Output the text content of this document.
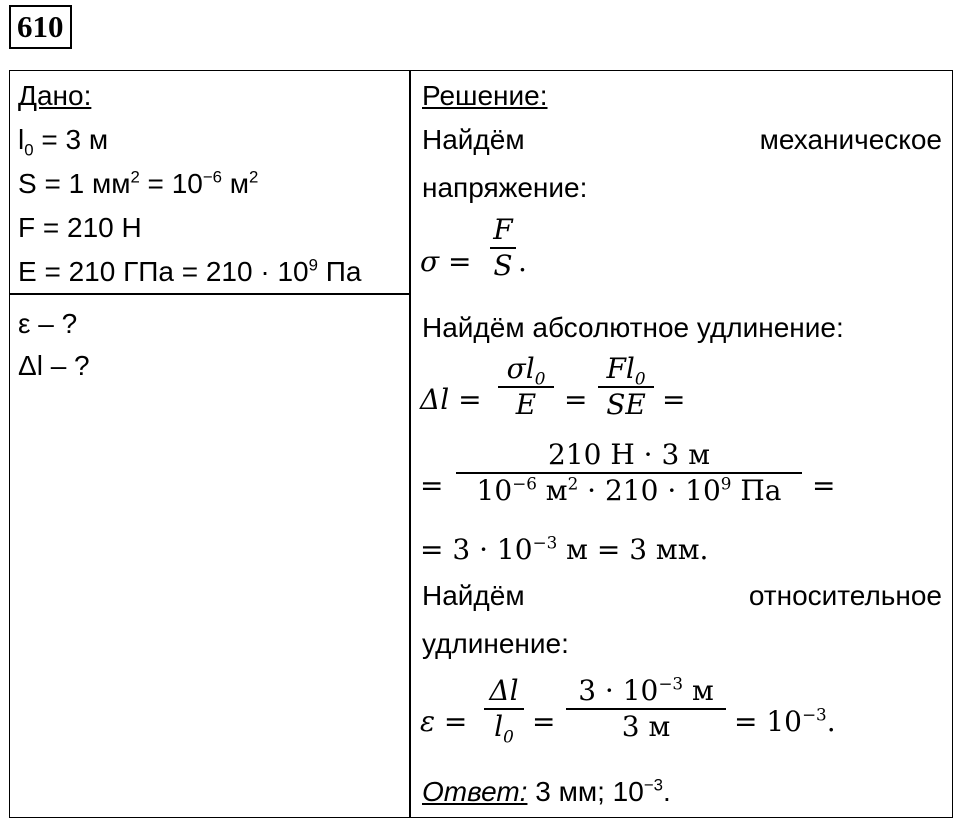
610
Дано:
$l_0 = 3$ м
S = 1 $мм^2 = 10^{-6}$ $м^2$
F = 210 Н
E = 210 ГПа = $210 \cdot 10^9$ Па
ε – ?
Δl – ?
Решение:
Найдём	механическое
напряжение:
σ =
F
S .
Найдём абсолютное удлинение:
Δl =
$\sigma l_0$
E =
$Fl_0$
SE =
=
210 Н · 3 м
$10^{-6}$ $м^2 \cdot 210 \cdot 10^9$ Па	=
= $3 \cdot 10^{-3}$ м = 3 мм.
Найдём	относительное
удлинение:
ε =
Δl
$l_0$ =
$3 \cdot 10^{-3}$ м
3 м	= $10^{-3}$.
Ответ: 3 мм; $10^{-3}$.
